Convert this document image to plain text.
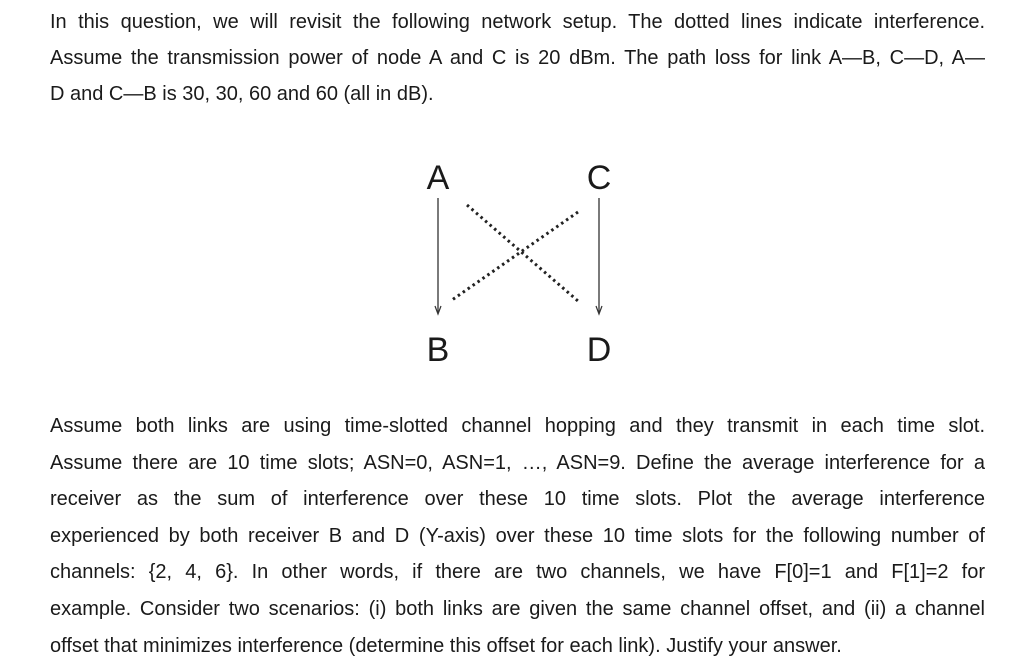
In this question, we will revisit the following network setup. The dotted lines indicate interference.
Assume the transmission power of node A and C is 20 dBm. The path loss for link A—B, C—D, A—
D and C—B is 30, 30, 60 and 60 (all in dB).

A	C
B	D

Assume both links are using time-slotted channel hopping and they transmit in each time slot.
Assume there are 10 time slots; ASN=0, ASN=1, …, ASN=9. Define the average interference for a
receiver as the sum of interference over these 10 time slots. Plot the average interference
experienced by both receiver B and D (Y-axis) over these 10 time slots for the following number of
channels: {2, 4, 6}. In other words, if there are two channels, we have F[0]=1 and F[1]=2 for
example. Consider two scenarios: (i) both links are given the same channel offset, and (ii) a channel
offset that minimizes interference (determine this offset for each link). Justify your answer.
